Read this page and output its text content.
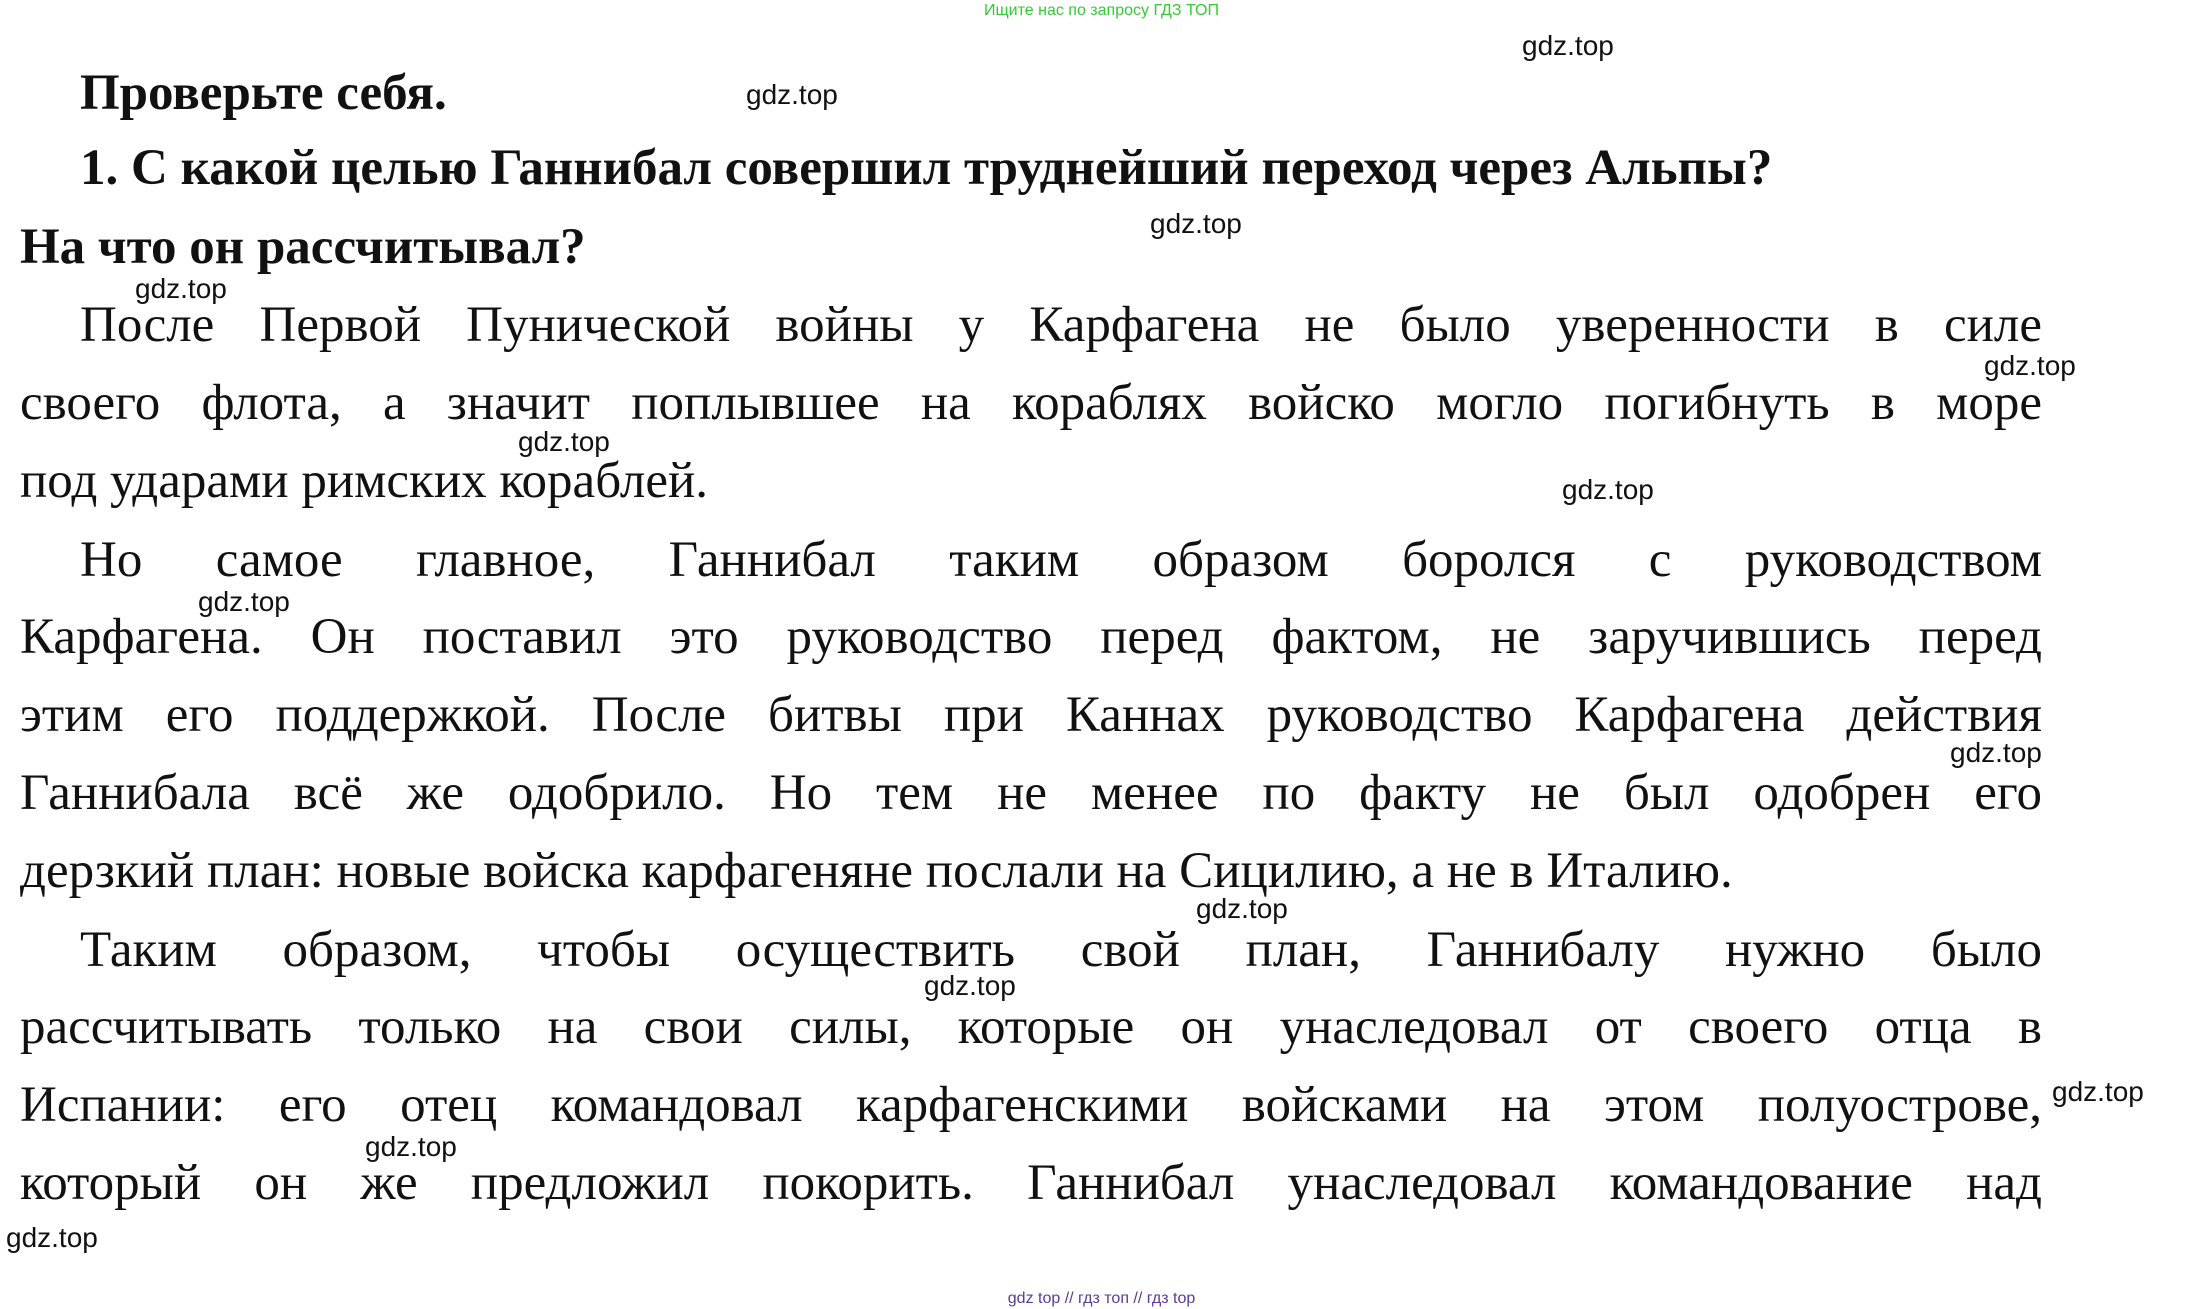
Ищите нас по запросу ГДЗ ТОП
Проверьте себя.
1. С какой целью Ганнибал совершил труднейший переход через Альпы?
На что он рассчитывал?
После Первой Пунической войны у Карфагена не было уверенности в силе
своего флота, а значит поплывшее на кораблях войско могло погибнуть в море
под ударами римских кораблей.
Но самое главное, Ганнибал таким образом боролся с руководством
Карфагена. Он поставил это руководство перед фактом, не заручившись перед
этим его поддержкой. После битвы при Каннах руководство Карфагена действия
Ганнибала всё же одобрило. Но тем не менее по факту не был одобрен его
дерзкий план: новые войска карфагеняне послали на Сицилию, а не в Италию.
Таким образом, чтобы осуществить свой план, Ганнибалу нужно было
рассчитывать только на свои силы, которые он унаследовал от своего отца в
Испании: его отец командовал карфагенскими войсками на этом полуострове,
который он же предложил покорить. Ганнибал унаследовал командование над
gdz.top
gdz.top
gdz.top
gdz.top
gdz.top
gdz.top
gdz.top
gdz.top
gdz.top
gdz.top
gdz.top
gdz.top
gdz.top
gdz.top
gdz top // гдз топ // гдз top
